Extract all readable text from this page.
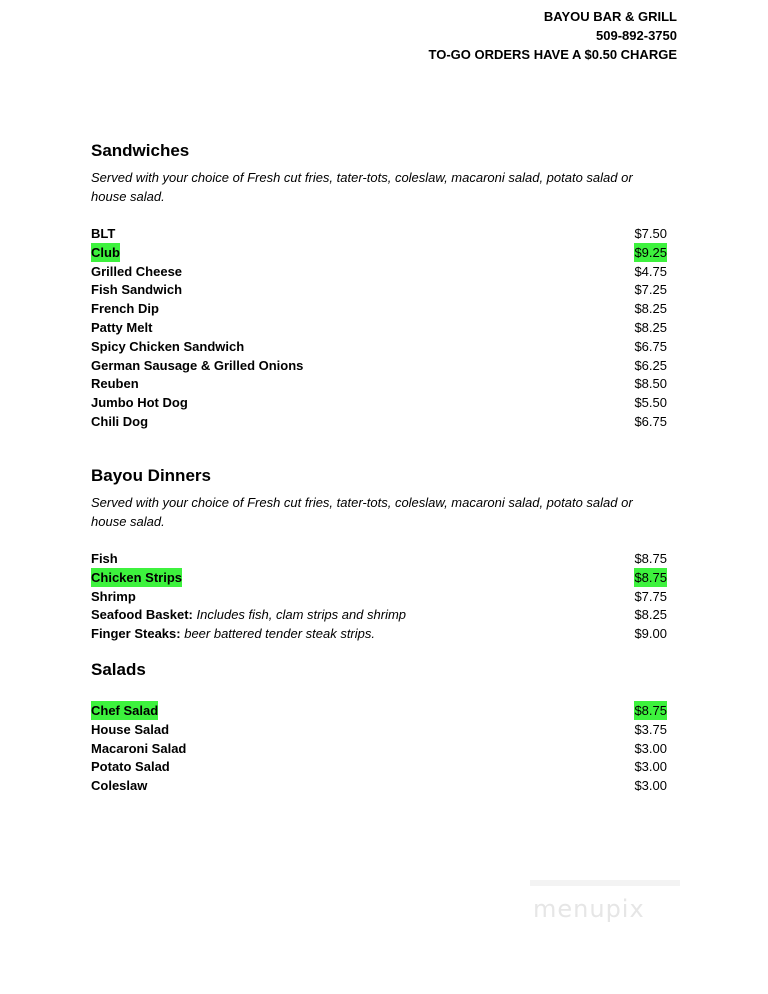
BAYOU BAR & GRILL
509-892-3750
TO-GO ORDERS HAVE A $0.50 CHARGE
Sandwiches
Served with your choice of Fresh cut fries, tater-tots, coleslaw, macaroni salad, potato salad or house salad.
BLT	$7.50
Club	$9.25
Grilled Cheese	$4.75
Fish Sandwich	$7.25
French Dip	$8.25
Patty Melt	$8.25
Spicy Chicken Sandwich	$6.75
German Sausage & Grilled Onions	$6.25
Reuben	$8.50
Jumbo Hot Dog	$5.50
Chili Dog	$6.75
Bayou Dinners
Served with your choice of Fresh cut fries, tater-tots, coleslaw, macaroni salad, potato salad or house salad.
Fish	$8.75
Chicken Strips	$8.75
Shrimp	$7.75
Seafood Basket: Includes fish, clam strips and shrimp	$8.25
Finger Steaks: beer battered tender steak strips.	$9.00
Salads
Chef Salad	$8.75
House Salad	$3.75
Macaroni Salad	$3.00
Potato Salad	$3.00
Coleslaw	$3.00
menupix
